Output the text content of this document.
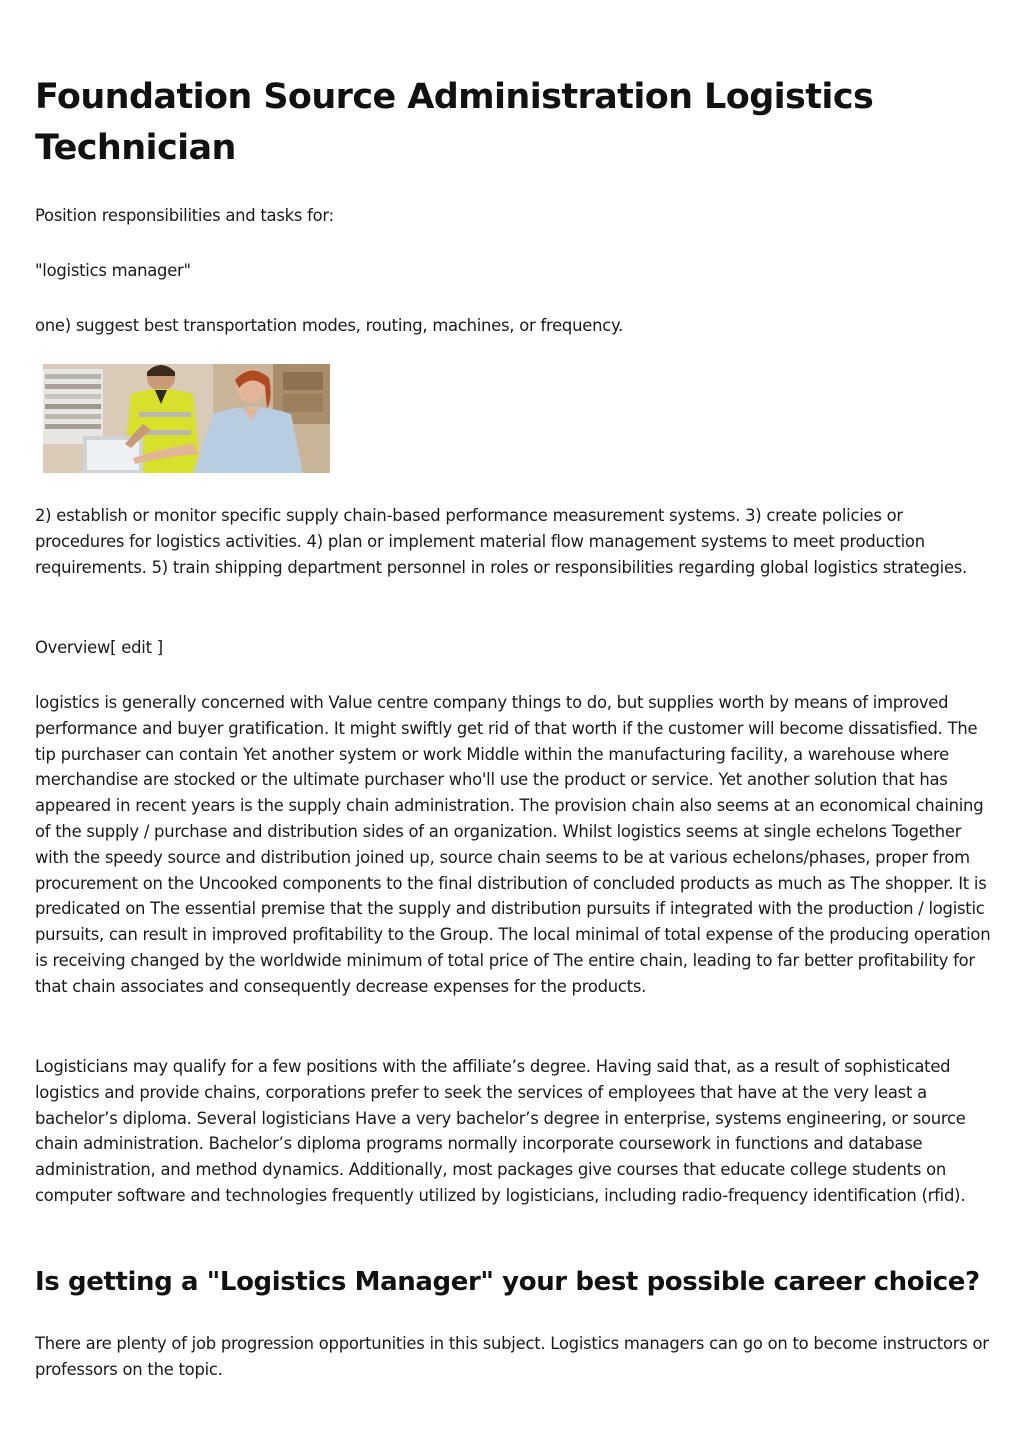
Foundation Source Administration Logistics Technician

Position responsibilities and tasks for:

"logistics manager"

one) suggest best transportation modes, routing, machines, or frequency.

2) establish or monitor specific supply chain-based performance measurement systems. 3) create policies or procedures for logistics activities. 4) plan or implement material flow management systems to meet production requirements. 5) train shipping department personnel in roles or responsibilities regarding global logistics strategies.

Overview[ edit ]

logistics is generally concerned with Value centre company things to do, but supplies worth by means of improved performance and buyer gratification. It might swiftly get rid of that worth if the customer will become dissatisfied. The tip purchaser can contain Yet another system or work Middle within the manufacturing facility, a warehouse where merchandise are stocked or the ultimate purchaser who'll use the product or service. Yet another solution that has appeared in recent years is the supply chain administration. The provision chain also seems at an economical chaining of the supply / purchase and distribution sides of an organization. Whilst logistics seems at single echelons Together with the speedy source and distribution joined up, source chain seems to be at various echelons/phases, proper from procurement on the Uncooked components to the final distribution of concluded products as much as The shopper. It is predicated on The essential premise that the supply and distribution pursuits if integrated with the production / logistic pursuits, can result in improved profitability to the Group. The local minimal of total expense of the producing operation is receiving changed by the worldwide minimum of total price of The entire chain, leading to far better profitability for that chain associates and consequently decrease expenses for the products.

Logisticians may qualify for a few positions with the affiliate’s degree. Having said that, as a result of sophisticated logistics and provide chains, corporations prefer to seek the services of employees that have at the very least a bachelor’s diploma. Several logisticians Have a very bachelor’s degree in enterprise, systems engineering, or source chain administration. Bachelor’s diploma programs normally incorporate coursework in functions and database administration, and method dynamics. Additionally, most packages give courses that educate college students on computer software and technologies frequently utilized by logisticians, including radio-frequency identification (rfid).

Is getting a "Logistics Manager" your best possible career choice?

There are plenty of job progression opportunities in this subject. Logistics managers can go on to become instructors or professors on the topic.
